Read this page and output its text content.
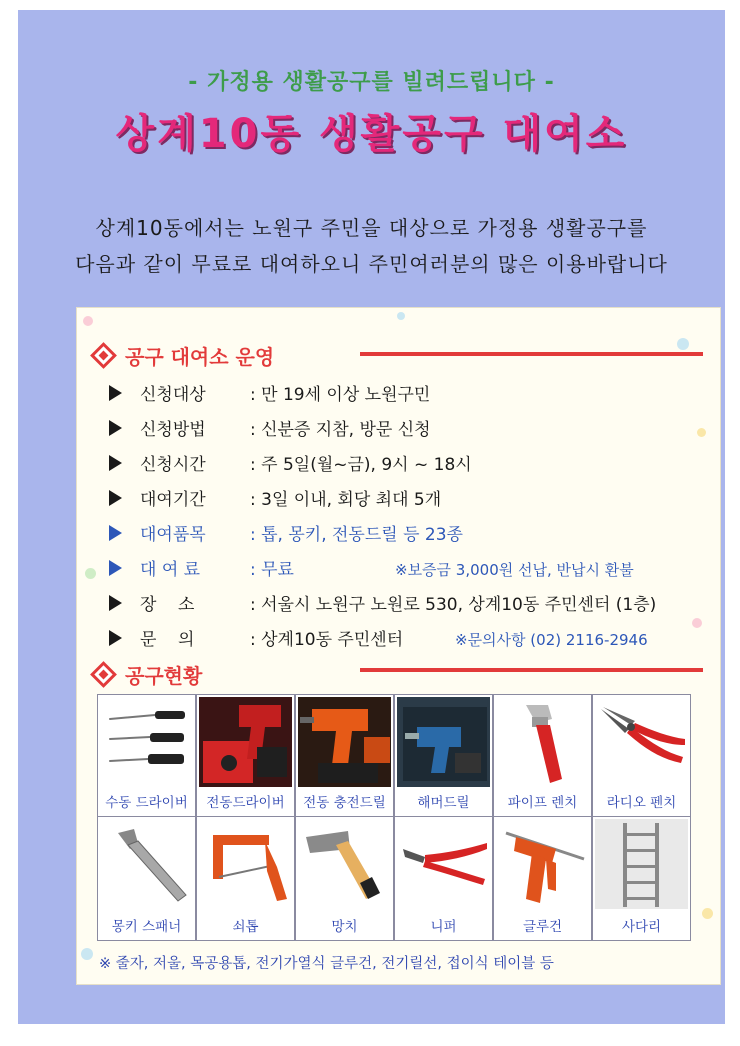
- 가정용 생활공구를 빌려드립니다 -
상계10동 생활공구 대여소
상계10동에서는 노원구 주민을 대상으로 가정용 생활공구를
다음과 같이 무료로 대여하오니 주민여러분의 많은 이용바랍니다
공구 대여소 운영
신청대상	: 만 19세 이상 노원구민
신청방법	: 신분증 지참, 방문 신청
신청시간	: 주 5일(월~금), 9시 ~ 18시
대여기간	: 3일 이내, 회당 최대 5개
대여품목	: 톱, 몽키, 전동드릴 등 23종
대 여 료	: 무료	※보증금 3,000원 선납, 반납시 환불
장    소	: 서울시 노원구 노원로 530, 상계10동 주민센터 (1층)
문    의	: 상계10동 주민센터	※문의사항 (02) 2116-2946
공구현황
수동 드라이버	전동드라이버	전동 충전드릴	해머드릴	파이프 렌치	라디오 펜치
몽키 스패너	쇠톱	망치	니퍼	글루건	사다리
※ 줄자, 저울, 목공용톱, 전기가열식 글루건, 전기릴선, 접이식 테이블 등
